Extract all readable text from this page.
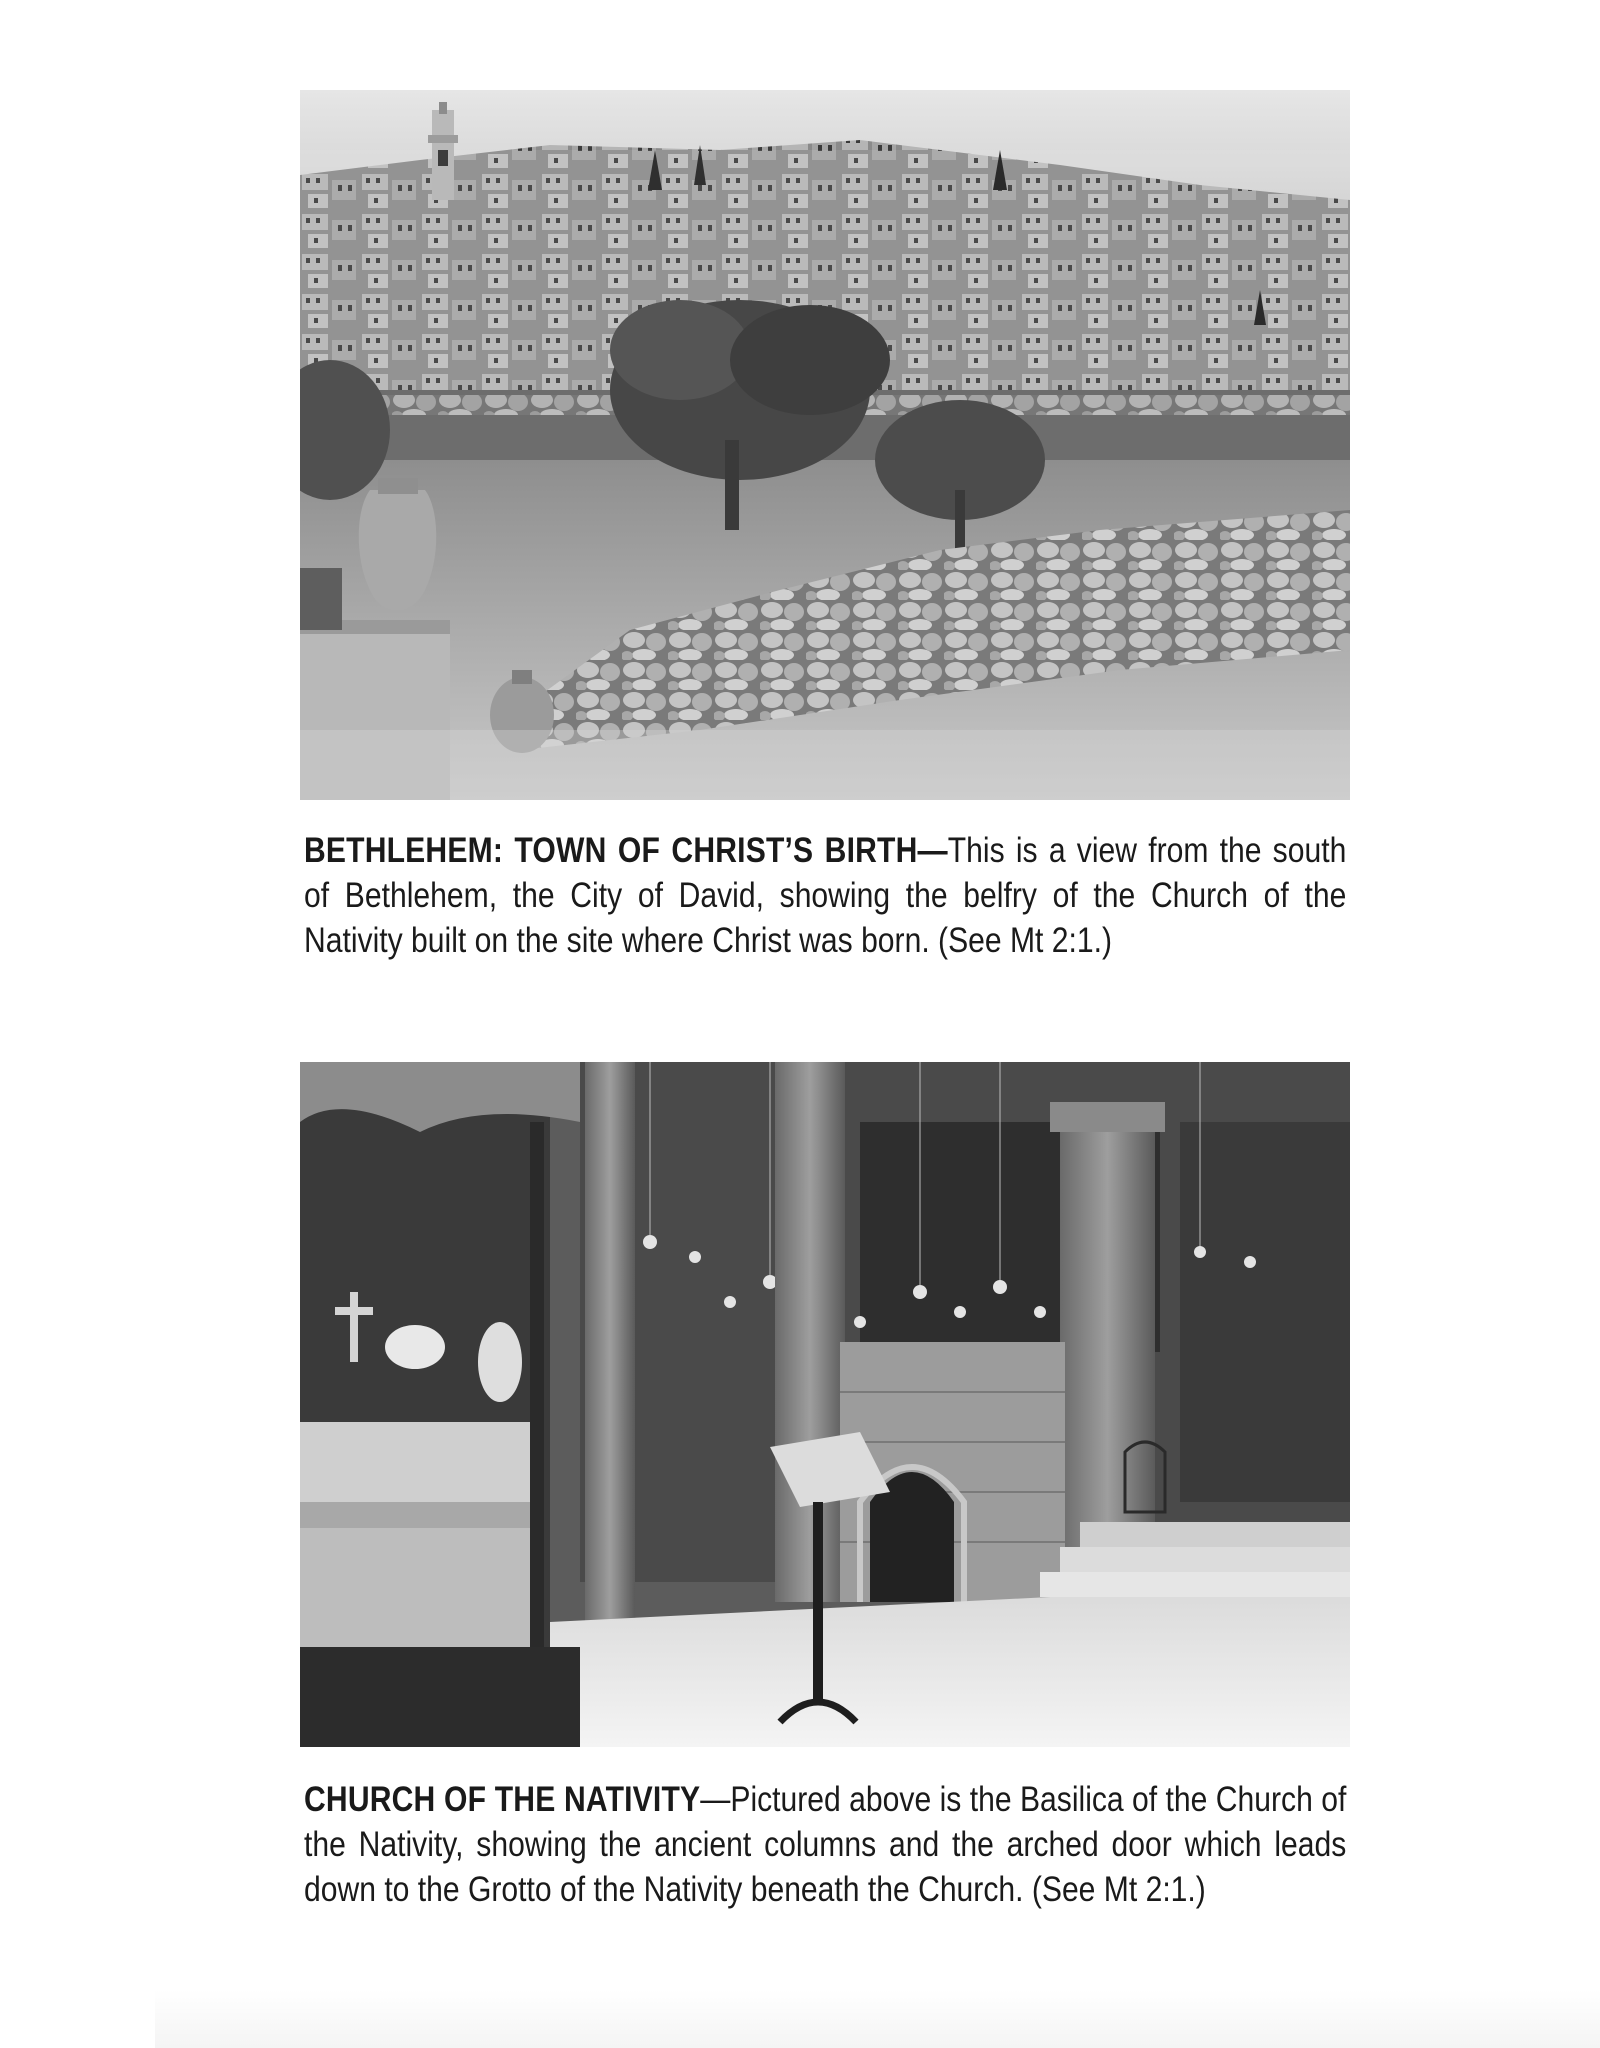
BETHLEHEM: TOWN OF CHRIST’S BIRTH—This is a view from the south of Bethlehem, the City of David, showing the belfry of the Church of the Nativity built on the site where Christ was born. (See Mt 2:1.)

CHURCH OF THE NATIVITY—Pictured above is the Basilica of the Church of the Nativity, showing the ancient columns and the arched door which leads down to the Grotto of the Nativity beneath the Church. (See Mt 2:1.)
